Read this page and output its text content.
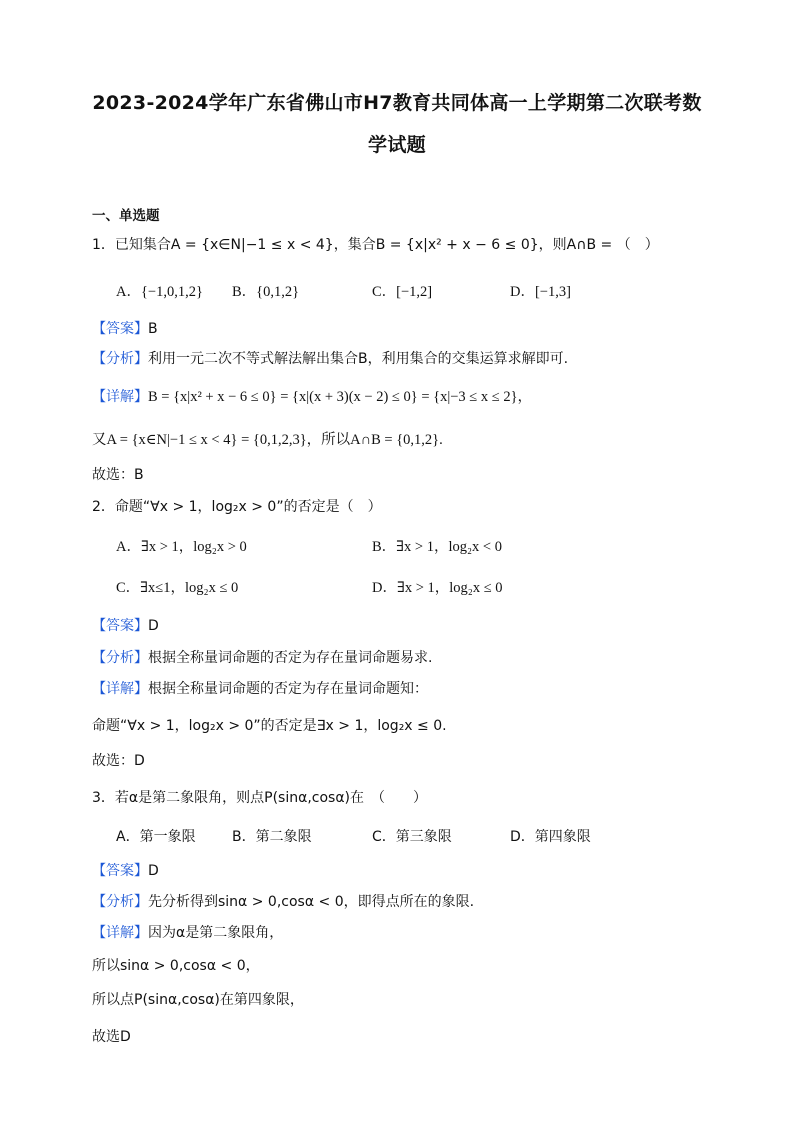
2023-2024学年广东省佛山市H7教育共同体高一上学期第二次联考数
学试题
一、单选题
1．已知集合A = {x∈N|−1 ≤ x < 4}，集合B = {x|x² + x − 6 ≤ 0}，则A∩B = （　）
A．{−1,0,1,2} B．{0,1,2}	C．[−1,2]	D．[−1,3]
【答案】B
【分析】利用一元二次不等式解法解出集合B，利用集合的交集运算求解即可.
【详解】B = {x|x² + x − 6 ≤ 0} = {x|(x + 3)(x − 2) ≤ 0} = {x|−3 ≤ x ≤ 2}，
又A = {x∈N|−1 ≤ x < 4} = {0,1,2,3}，所以A∩B = {0,1,2}.
故选：B
2．命题“∀x > 1，log₂x > 0”的否定是（　）
A．∃x > 1，log₂x > 0	B．∃x > 1，log₂x < 0
C．∃x≤1，log₂x ≤ 0	D．∃x > 1，log₂x ≤ 0
【答案】D
【分析】根据全称量词命题的否定为存在量词命题易求.
【详解】根据全称量词命题的否定为存在量词命题知：
命题“∀x > 1，log₂x > 0”的否定是∃x > 1，log₂x ≤ 0.
故选：D
3．若α是第二象限角，则点P(sinα,cosα)在　（　　）
A．第一象限	B．第二象限	C．第三象限	D．第四象限
【答案】D
【分析】先分析得到sinα > 0,cosα < 0，即得点所在的象限.
【详解】因为α是第二象限角，
所以sinα > 0,cosα < 0，
所以点P(sinα,cosα)在第四象限，
故选D
